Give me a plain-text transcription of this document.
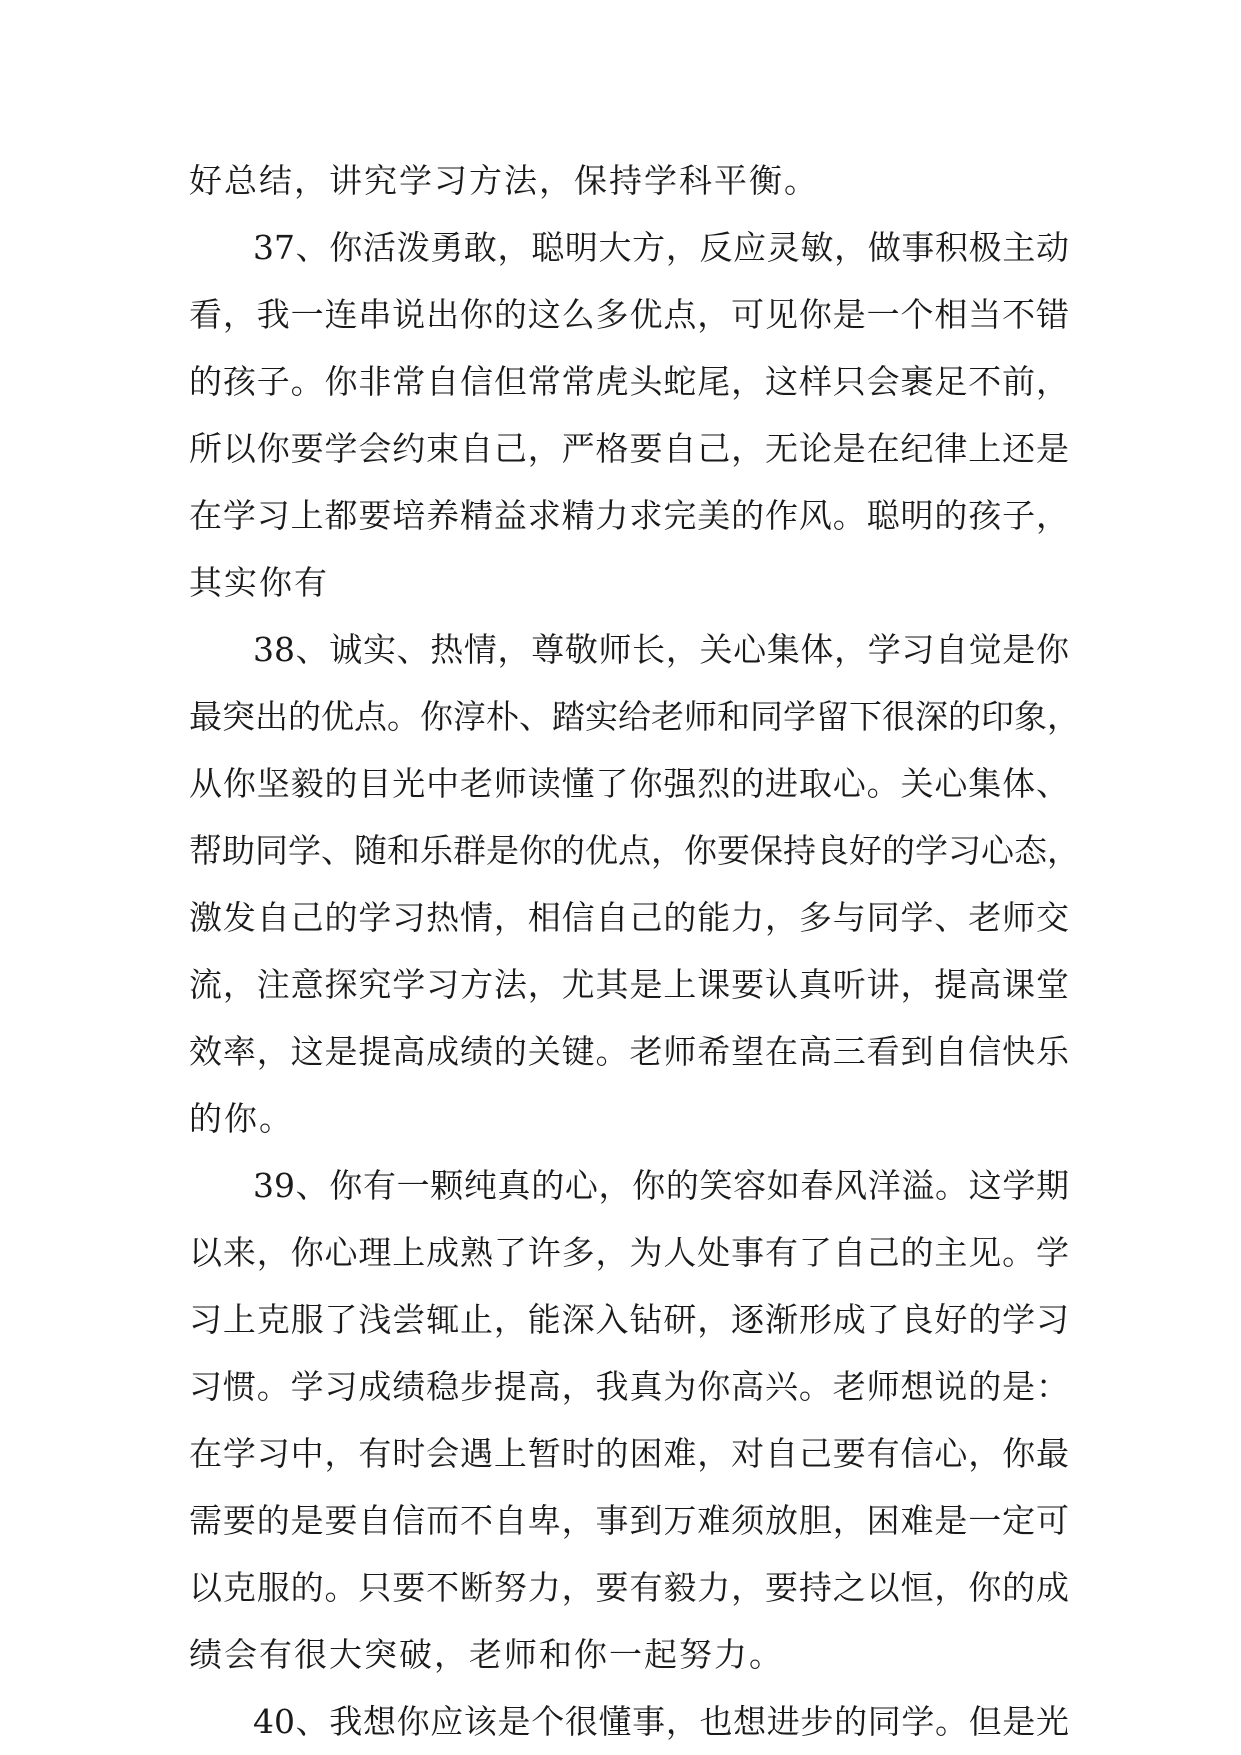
好总结，讲究学习方法，保持学科平衡。
37、你活泼勇敢，聪明大方，反应灵敏，做事积极主动
看，我一连串说出你的这么多优点，可见你是一个相当不错
的孩子。你非常自信但常常虎头蛇尾，这样只会裹足不前，
所以你要学会约束自己，严格要自己，无论是在纪律上还是
在学习上都要培养精益求精力求完美的作风。聪明的孩子，
其实你有
38、诚实、热情，尊敬师长，关心集体，学习自觉是你
最突出的优点。你淳朴、踏实给老师和同学留下很深的印象，
从你坚毅的目光中老师读懂了你强烈的进取心。关心集体、
帮助同学、随和乐群是你的优点，你要保持良好的学习心态，
激发自己的学习热情，相信自己的能力，多与同学、老师交
流，注意探究学习方法，尤其是上课要认真听讲，提高课堂
效率，这是提高成绩的关键。老师希望在高三看到自信快乐
的你。
39、你有一颗纯真的心，你的笑容如春风洋溢。这学期
以来，你心理上成熟了许多，为人处事有了自己的主见。学
习上克服了浅尝辄止，能深入钻研，逐渐形成了良好的学习
习惯。学习成绩稳步提高，我真为你高兴。老师想说的是：
在学习中，有时会遇上暂时的困难，对自己要有信心，你最
需要的是要自信而不自卑，事到万难须放胆，困难是一定可
以克服的。只要不断努力，要有毅力，要持之以恒，你的成
绩会有很大突破，老师和你一起努力。
40、我想你应该是个很懂事，也想进步的同学。但是光
